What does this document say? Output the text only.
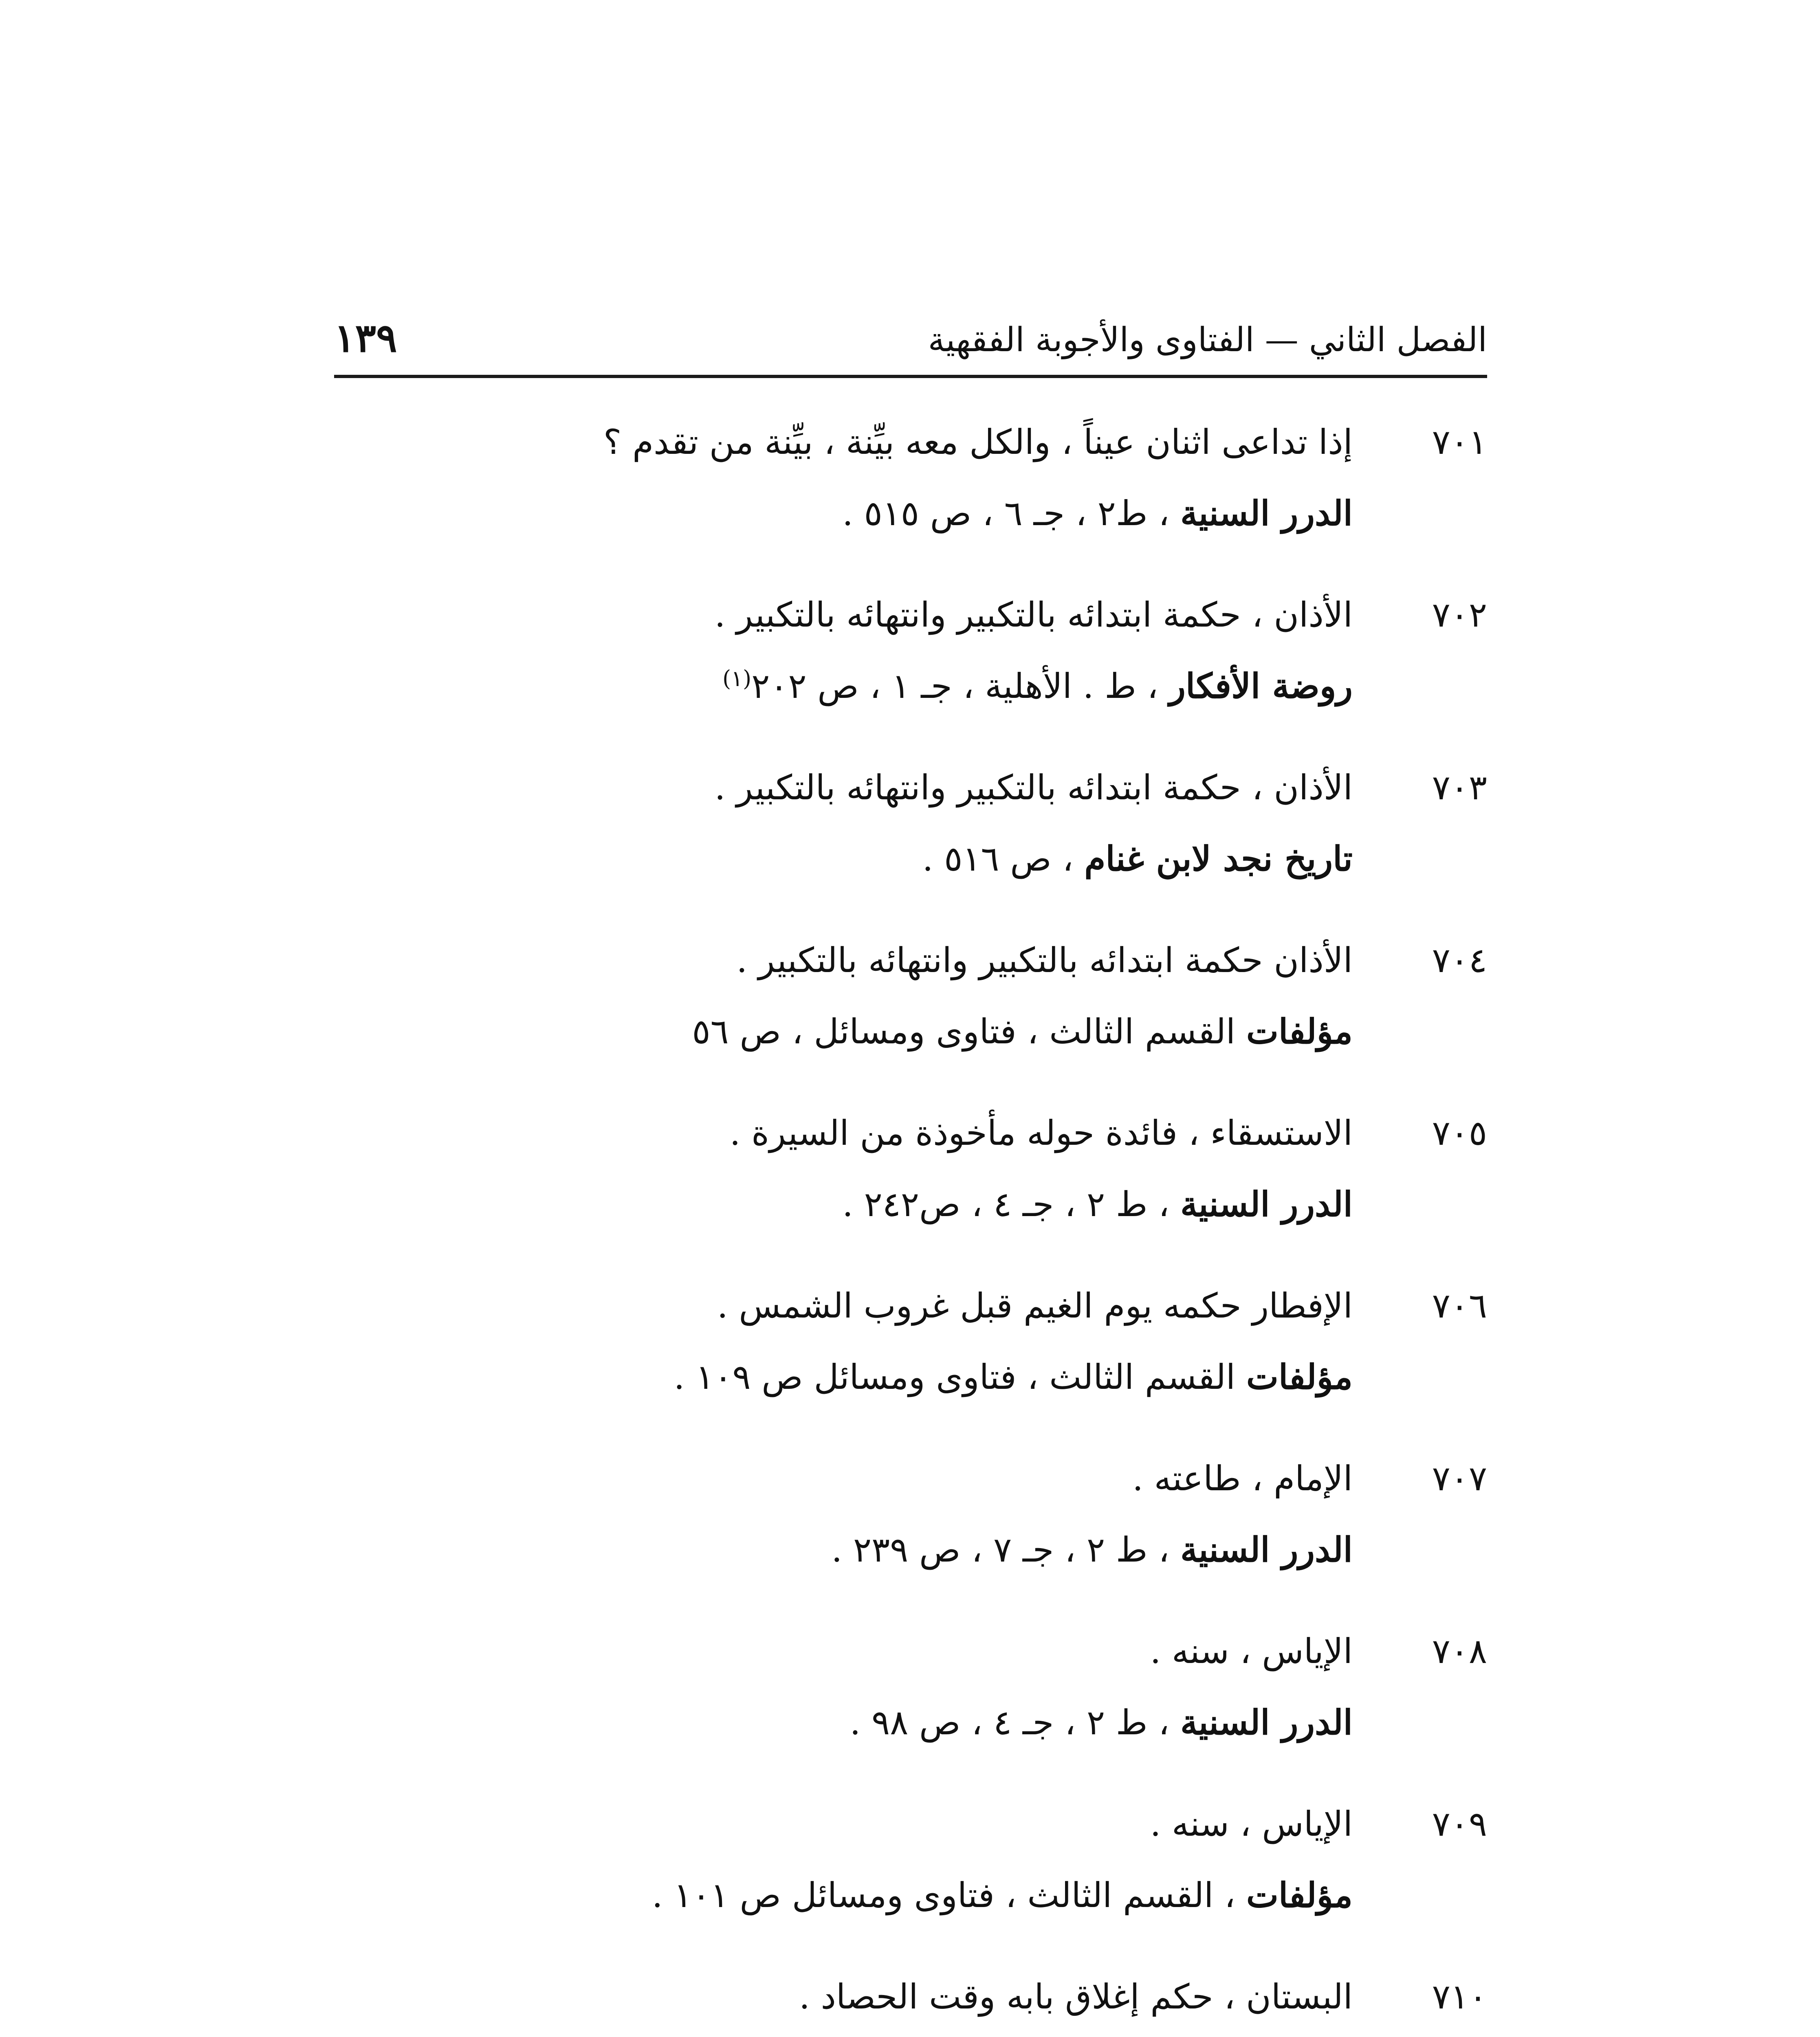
الفصل الثاني — الفتاوى والأجوبة الفقهية
١٣٩
٧٠١
إذا تداعى اثنان عيناً ، والكل معه بيِّنة ، بيِّنة من تقدم ؟
الدرر السنية ، ط٢ ، جـ ٦ ، ص ٥١٥ .
٧٠٢
الأذان ، حكمة ابتدائه بالتكبير وانتهائه بالتكبير .
روضة الأفكار ، ط . الأهلية ، جـ ١ ، ص ٢٠٢$^{(١)}$
٧٠٣
الأذان ، حكمة ابتدائه بالتكبير وانتهائه بالتكبير .
تاريخ نجد لابن غنام ، ص ٥١٦ .
٧٠٤
الأذان حكمة ابتدائه بالتكبير وانتهائه بالتكبير .
مؤلفات القسم الثالث ، فتاوى ومسائل ، ص ٥٦
٧٠٥
الاستسقاء ، فائدة حوله مأخوذة من السيرة .
الدرر السنية ، ط ٢ ، جـ ٤ ، ص٢٤٢ .
٧٠٦
الإفطار حكمه يوم الغيم قبل غروب الشمس .
مؤلفات القسم الثالث ، فتاوى ومسائل ص ١٠٩ .
٧٠٧
الإمام ، طاعته .
الدرر السنية ، ط ٢ ، جـ ٧ ، ص ٢٣٩ .
٧٠٨
الإياس ، سنه .
الدرر السنية ، ط ٢ ، جـ ٤ ، ص ٩٨ .
٧٠٩
الإياس ، سنه .
مؤلفات ، القسم الثالث ، فتاوى ومسائل ص ١٠١ .
٧١٠
البستان ، حكم إغلاق بابه وقت الحصاد .
